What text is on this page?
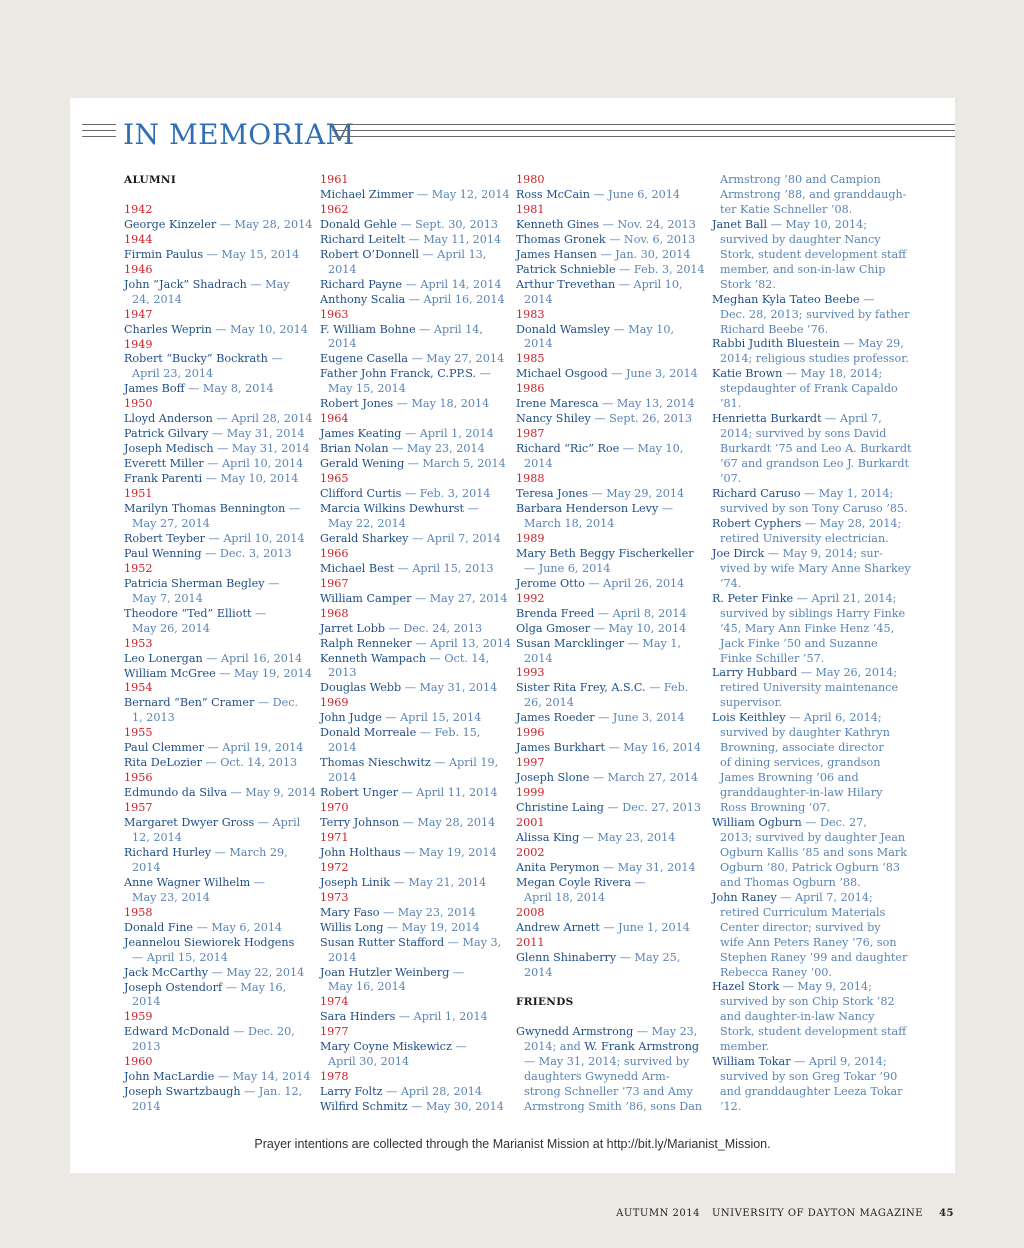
IN MEMORIAM
ALUMNI
1942
George Kinzeler — May 28, 2014
1944
Firmin Paulus — May 15, 2014
1946
John “Jack” Shadrach — May
24, 2014
1947
Charles Weprin — May 10, 2014
1949
Robert “Bucky” Bockrath —
April 23, 2014
James Boff — May 8, 2014
1950
Lloyd Anderson — April 28, 2014
Patrick Gilvary — May 31, 2014
Joseph Medisch — May 31, 2014
Everett Miller — April 10, 2014
Frank Parenti — May 10, 2014
1951
Marilyn Thomas Bennington —
May 27, 2014
Robert Teyber — April 10, 2014
Paul Wenning — Dec. 3, 2013
1952
Patricia Sherman Begley —
May 7, 2014
Theodore “Ted” Elliott —
May 26, 2014
1953
Leo Lonergan — April 16, 2014
William McGree — May 19, 2014
1954
Bernard “Ben” Cramer — Dec.
1, 2013
1955
Paul Clemmer — April 19, 2014
Rita DeLozier — Oct. 14, 2013
1956
Edmundo da Silva — May 9, 2014
1957
Margaret Dwyer Gross — April
12, 2014
Richard Hurley — March 29,
2014
Anne Wagner Wilhelm —
May 23, 2014
1958
Donald Fine — May 6, 2014
Jeannelou Siewiorek Hodgens
— April 15, 2014
Jack McCarthy — May 22, 2014
Joseph Ostendorf — May 16,
2014
1959
Edward McDonald — Dec. 20,
2013
1960
John MacLardie — May 14, 2014
Joseph Swartzbaugh — Jan. 12,
2014
1961
Michael Zimmer — May 12, 2014
1962
Donald Gehle — Sept. 30, 2013
Richard Leitelt — May 11, 2014
Robert O’Donnell — April 13,
2014
Richard Payne — April 14, 2014
Anthony Scalia — April 16, 2014
1963
F. William Bohne — April 14,
2014
Eugene Casella — May 27, 2014
Father John Franck, C.PP.S. —
May 15, 2014
Robert Jones — May 18, 2014
1964
James Keating — April 1, 2014
Brian Nolan — May 23, 2014
Gerald Wening — March 5, 2014
1965
Clifford Curtis — Feb. 3, 2014
Marcia Wilkins Dewhurst —
May 22, 2014
Gerald Sharkey — April 7, 2014
1966
Michael Best — April 15, 2013
1967
William Camper — May 27, 2014
1968
Jarret Lobb — Dec. 24, 2013
Ralph Renneker — April 13, 2014
Kenneth Wampach — Oct. 14,
2013
Douglas Webb — May 31, 2014
1969
John Judge — April 15, 2014
Donald Morreale — Feb. 15,
2014
Thomas Nieschwitz — April 19,
2014
Robert Unger — April 11, 2014
1970
Terry Johnson — May 28, 2014
1971
John Holthaus — May 19, 2014
1972
Joseph Linik — May 21, 2014
1973
Mary Faso — May 23, 2014
Willis Long — May 19, 2014
Susan Rutter Stafford — May 3,
2014
Joan Hutzler Weinberg —
May 16, 2014
1974
Sara Hinders — April 1, 2014
1977
Mary Coyne Miskewicz —
April 30, 2014
1978
Larry Foltz — April 28, 2014
Wilfird Schmitz — May 30, 2014
1980
Ross McCain — June 6, 2014
1981
Kenneth Gines — Nov. 24, 2013
Thomas Gronek — Nov. 6, 2013
James Hansen — Jan. 30, 2014
Patrick Schnieble — Feb. 3, 2014
Arthur Trevethan — April 10,
2014
1983
Donald Wamsley — May 10,
2014
1985
Michael Osgood — June 3, 2014
1986
Irene Maresca — May 13, 2014
Nancy Shiley — Sept. 26, 2013
1987
Richard “Ric” Roe — May 10,
2014
1988
Teresa Jones — May 29, 2014
Barbara Henderson Levy —
March 18, 2014
1989
Mary Beth Beggy Fischerkeller
— June 6, 2014
Jerome Otto — April 26, 2014
1992
Brenda Freed — April 8, 2014
Olga Gmoser — May 10, 2014
Susan Marcklinger — May 1,
2014
1993
Sister Rita Frey, A.S.C. — Feb.
26, 2014
James Roeder — June 3, 2014
1996
James Burkhart — May 16, 2014
1997
Joseph Slone — March 27, 2014
1999
Christine Laing — Dec. 27, 2013
2001
Alissa King — May 23, 2014
2002
Anita Perymon — May 31, 2014
Megan Coyle Rivera —
April 18, 2014
2008
Andrew Arnett — June 1, 2014
2011
Glenn Shinaberry — May 25,
2014
FRIENDS
Gwynedd Armstrong — May 23,
2014; and W. Frank Armstrong
— May 31, 2014; survived by
daughters Gwynedd Arm-
strong Schneller ’73 and Amy
Armstrong Smith ’86, sons Dan
Armstrong ’80 and Campion
Armstrong ’88, and granddaugh-
ter Katie Schneller ’08.
Janet Ball — May 10, 2014;
survived by daughter Nancy
Stork, student development staff
member, and son-in-law Chip
Stork ’82.
Meghan Kyla Tateo Beebe —
Dec. 28, 2013; survived by father
Richard Beebe ’76.
Rabbi Judith Bluestein — May 29,
2014; religious studies professor.
Katie Brown — May 18, 2014;
stepdaughter of Frank Capaldo
’81.
Henrietta Burkardt — April 7,
2014; survived by sons David
Burkardt ’75 and Leo A. Burkardt
’67 and grandson Leo J. Burkardt
’07.
Richard Caruso — May 1, 2014;
survived by son Tony Caruso ’85.
Robert Cyphers — May 28, 2014;
retired University electrician.
Joe Dirck — May 9, 2014; sur-
vived by wife Mary Anne Sharkey
’74.
R. Peter Finke — April 21, 2014;
survived by siblings Harry Finke
’45, Mary Ann Finke Henz ’45,
Jack Finke ’50 and Suzanne
Finke Schiller ’57.
Larry Hubbard — May 26, 2014;
retired University maintenance
supervisor.
Lois Keithley — April 6, 2014;
survived by daughter Kathryn
Browning, associate director
of dining services, grandson
James Browning ’06 and
granddaughter-in-law Hilary
Ross Browning ’07.
William Ogburn — Dec. 27,
2013; survived by daughter Jean
Ogburn Kallis ’85 and sons Mark
Ogburn ’80, Patrick Ogburn ’83
and Thomas Ogburn ’88.
John Raney — April 7, 2014;
retired Curriculum Materials
Center director; survived by
wife Ann Peters Raney ’76, son
Stephen Raney ’99 and daughter
Rebecca Raney ’00.
Hazel Stork — May 9, 2014;
survived by son Chip Stork ’82
and daughter-in-law Nancy
Stork, student development staff
member.
William Tokar — April 9, 2014;
survived by son Greg Tokar ’90
and granddaughter Leeza Tokar
’12.
Prayer intentions are collected through the Marianist Mission at http://bit.ly/Marianist_Mission.
AUTUMN 2014 UNIVERSITY OF DAYTON MAGAZINE 45
